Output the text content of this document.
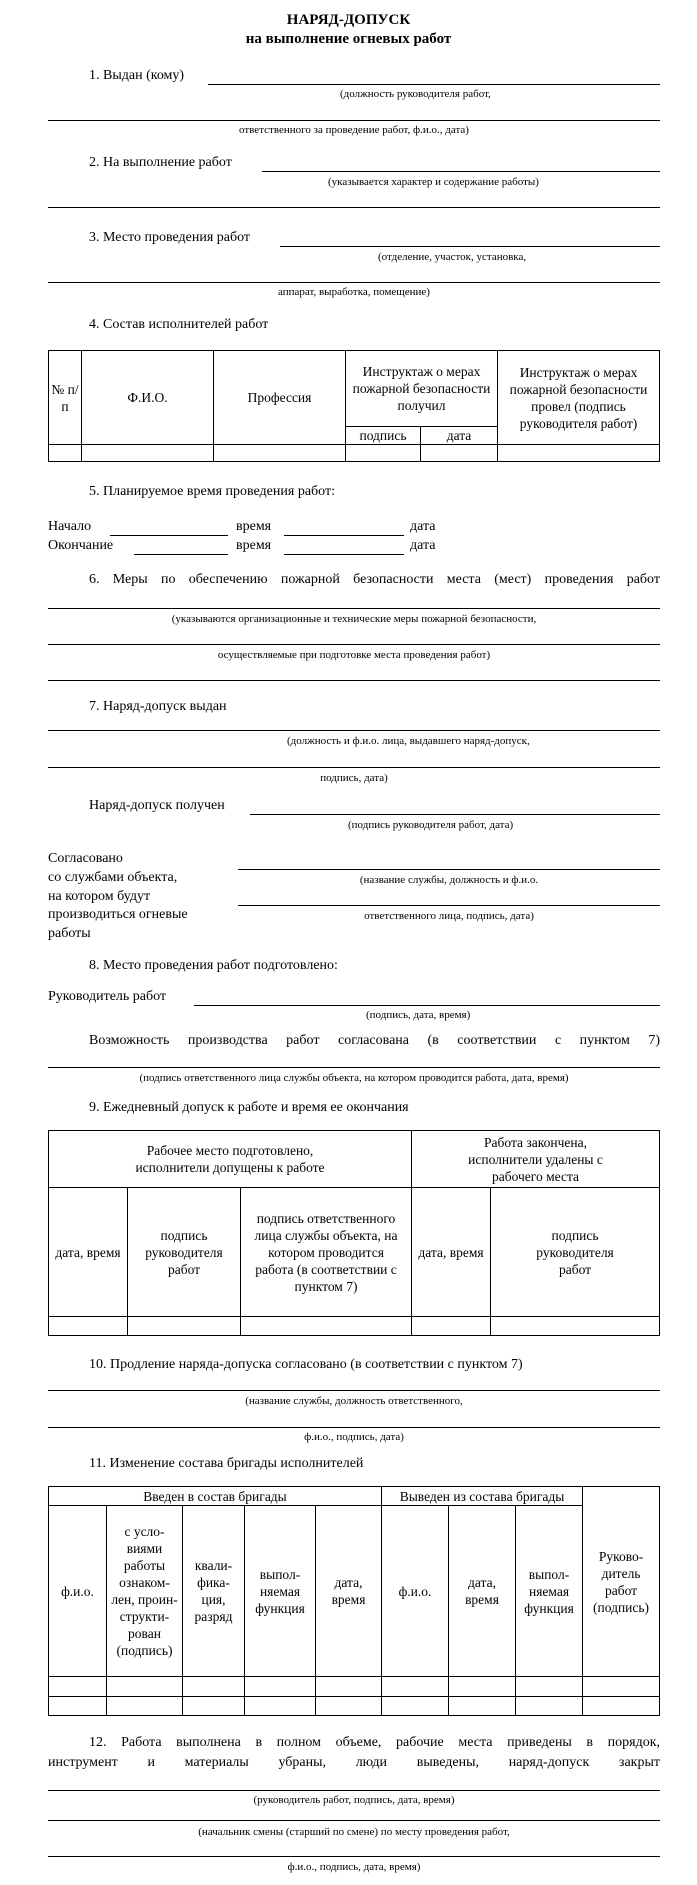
НАРЯД-ДОПУСК
на выполнение огневых работ
1. Выдан (кому)
(должность руководителя работ,
ответственного за проведение работ, ф.и.о., дата)
2. На выполнение работ
(указывается характер и содержание работы)
3. Место проведения работ
(отделение, участок, установка,
аппарат, выработка, помещение)
4. Состав исполнителей работ
№ п/п	Ф.И.О.	Профессия	Инструктаж о мерах пожарной безопасности получил		Инструктаж о мерах пожарной безопасности провел (подпись руководителя работ)
			подпись	дата	

5. Планируемое время проведения работ:
Начало	время	дата
Окончание	время	дата
6. Меры по обеспечению пожарной безопасности места (мест) проведения работ
(указываются организационные и технические меры пожарной безопасности,
осуществляемые при подготовке места проведения работ)
7. Наряд-допуск выдан
(должность и ф.и.о. лица, выдавшего наряд-допуск,
подпись, дата)
Наряд-допуск получен
(подпись руководителя работ, дата)
Согласовано
со службами объекта,
на котором будут
производиться огневые
работы
(название службы, должность и ф.и.о.
ответственного лица, подпись, дата)
8. Место проведения работ подготовлено:
Руководитель работ
(подпись, дата, время)
Возможность производства работ согласована (в соответствии с пунктом 7)
(подпись ответственного лица службы объекта, на котором проводится работа, дата, время)
9. Ежедневный допуск к работе и время ее окончания
Рабочее место подготовлено, исполнители допущены к работе			Работа закончена, исполнители удалены с рабочего места	
дата, время	подпись руководителя работ	подпись ответственного лица службы объекта, на котором проводится работа (в соответствии с пунктом 7)	дата, время	подпись руководителя работ

10. Продление наряда-допуска согласовано (в соответствии с пунктом 7)
(название службы, должность ответственного,
ф.и.о., подпись, дата)
11. Изменение состава бригады исполнителей
Введен в состав бригады					Выведен из состава бригады			Руково- дитель работ (подпись)
ф.и.о.	с усло- виями работы ознаком- лен, проин- структи- рован (подпись)	квали- фика- ция, разряд	выпол- няемая функция	дата, время	ф.и.о.	дата, время	выпол- няемая функция	

12. Работа выполнена в полном объеме, рабочие места приведены в порядок,
инструмент и материалы убраны, люди выведены, наряд-допуск закрыт
(руководитель работ, подпись, дата, время)
(начальник смены (старший по смене) по месту проведения работ,
ф.и.о., подпись, дата, время)
